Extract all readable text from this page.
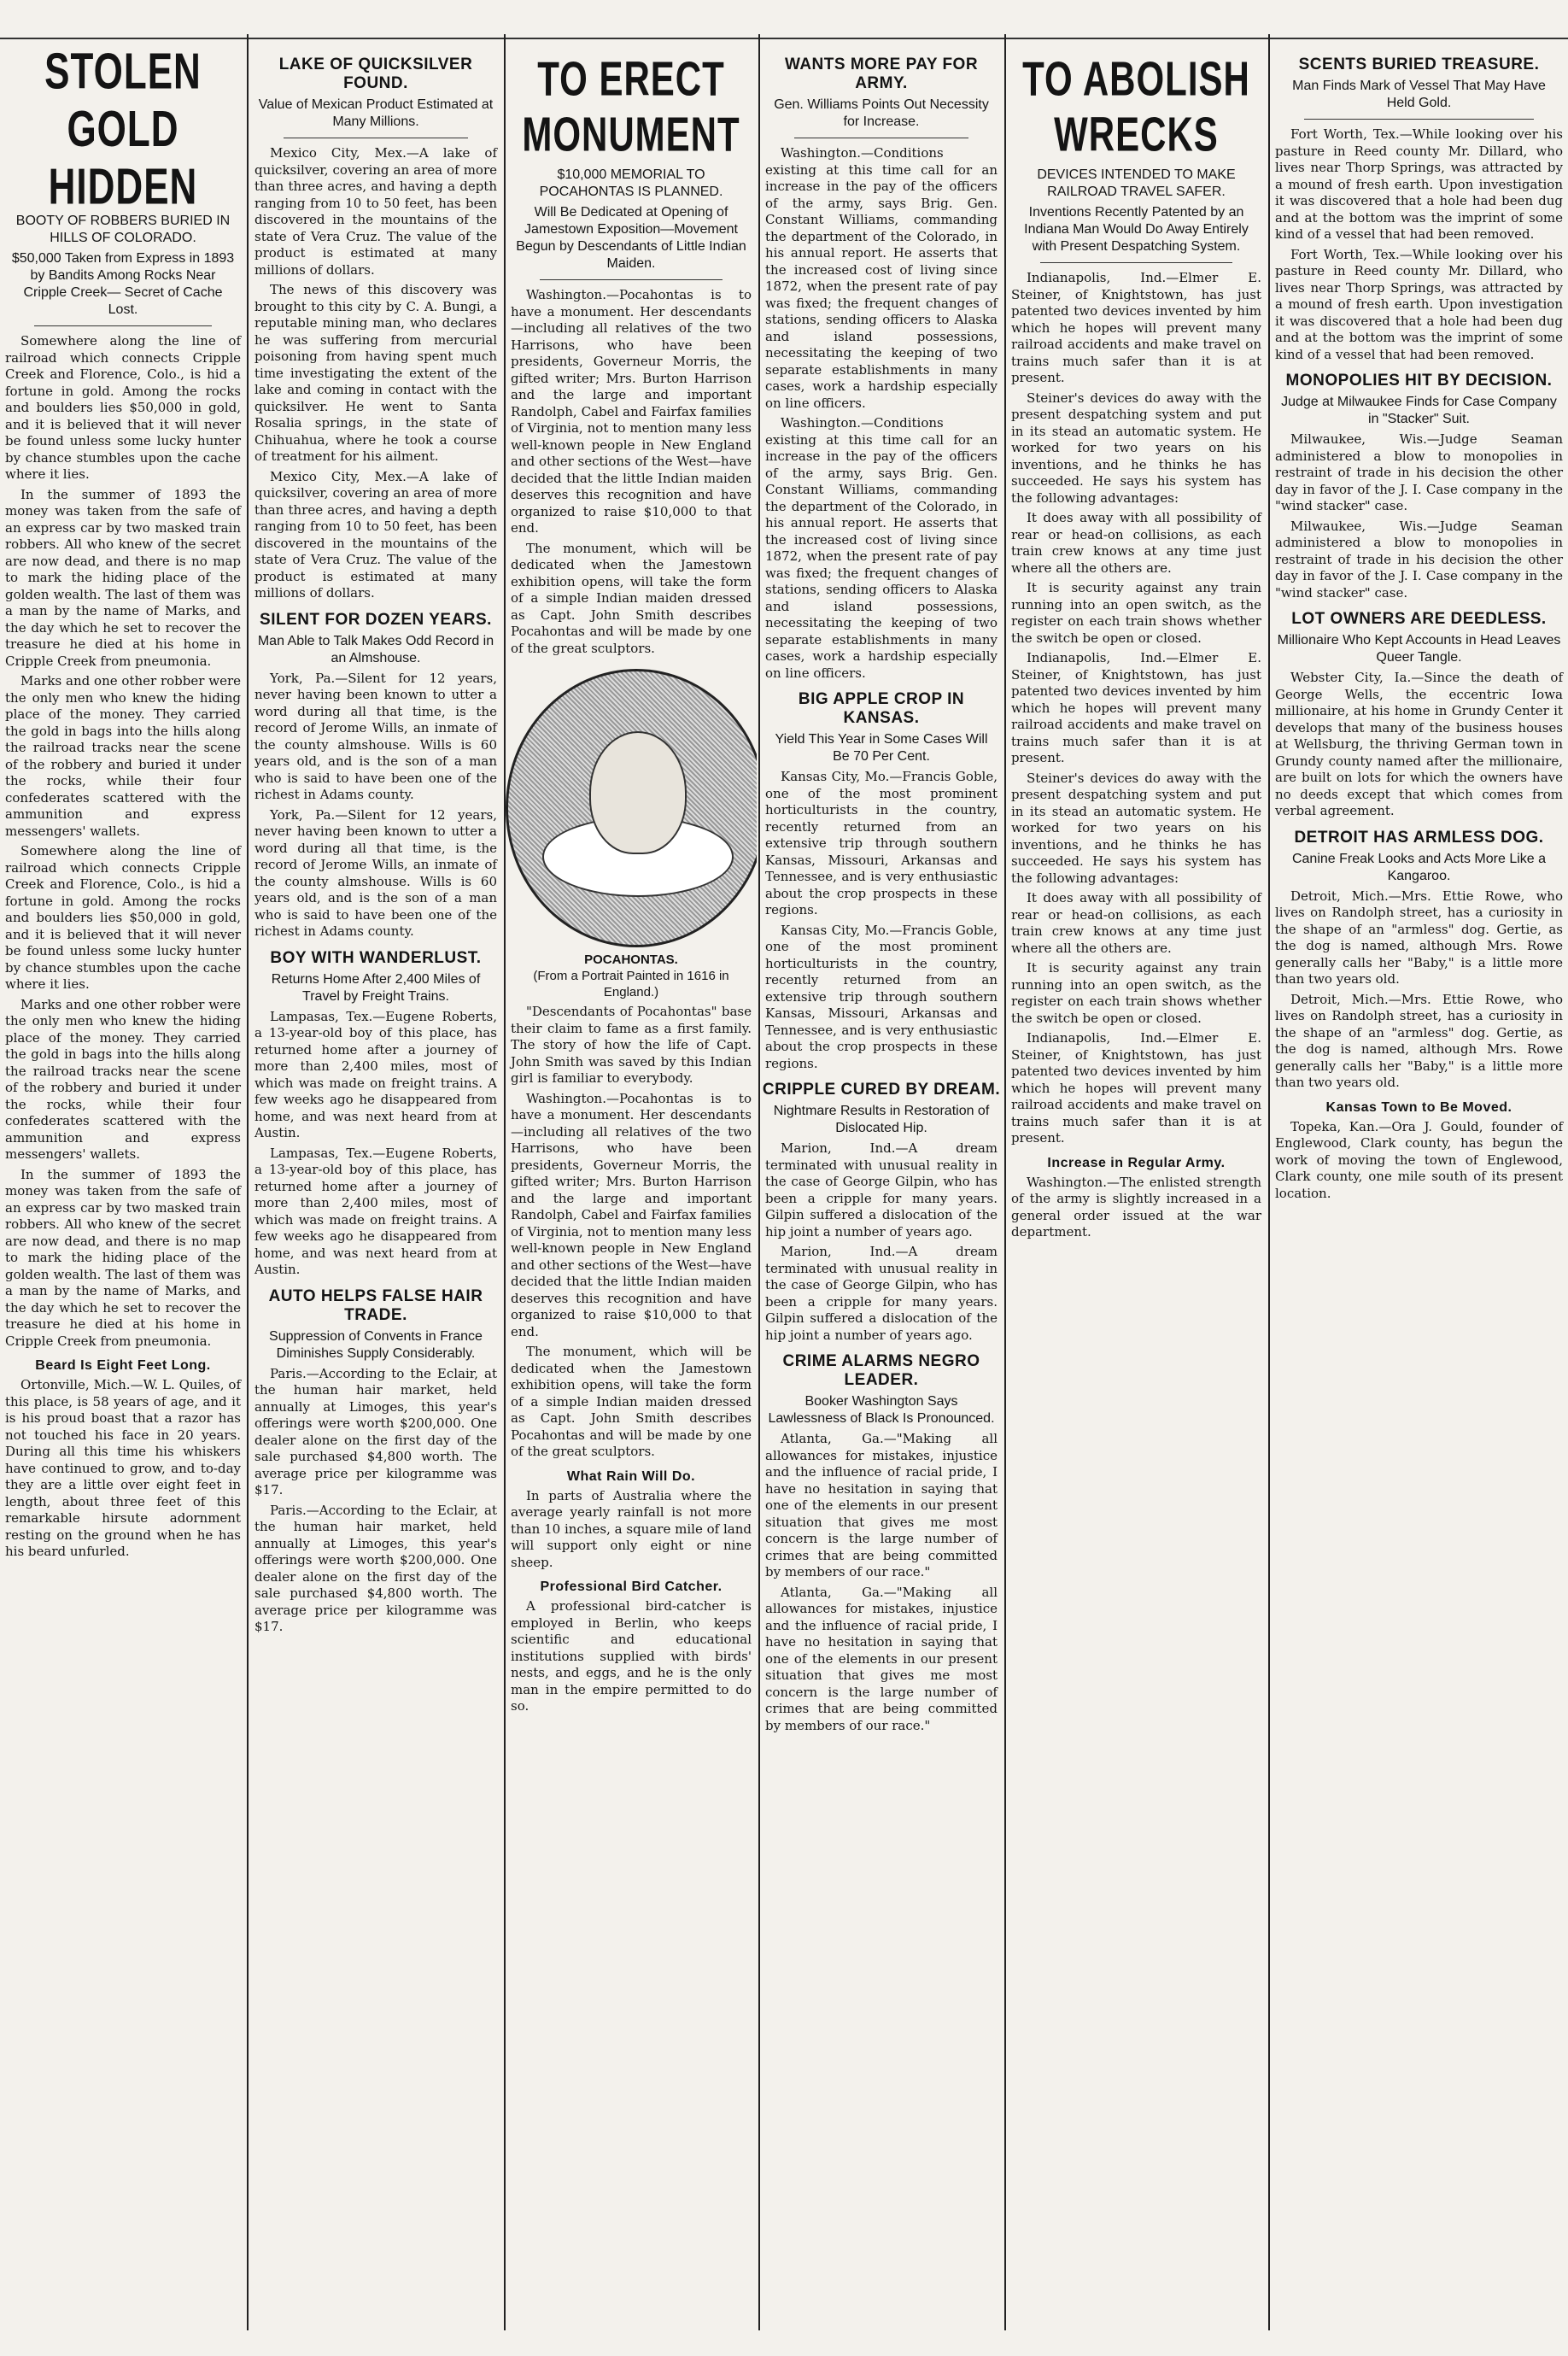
STOLEN GOLD HIDDEN
BOOTY OF ROBBERS BURIED IN HILLS OF COLORADO.
$50,000 Taken from Express in 1893 by Bandits Among Rocks Near Cripple Creek— Secret of Cache Lost.

Somewhere along the line of railroad which connects Cripple Creek and Florence, Colo., is hid a fortune in gold. Among the rocks and boulders lies $50,000 in gold, and it is believed that it will never be found unless some lucky hunter by chance stumbles upon the cache where it lies.

In the summer of 1893 the money was taken from the safe of an express car by two masked train robbers. All who knew of the secret are now dead, and there is no map to mark the hiding place of the golden wealth. The last of them was a man by the name of Marks, and the day which he set to recover the treasure he died at his home in Cripple Creek from pneumonia.

Marks and one other robber were the only men who knew the hiding place of the money. They carried the gold in bags into the hills along the railroad tracks near the scene of the robbery and buried it under the rocks, while their four confederates scattered with the ammunition and express messengers' wallets.

Somewhere along the line of railroad which connects Cripple Creek and Florence, Colo., is hid a fortune in gold. Among the rocks and boulders lies $50,000 in gold, and it is believed that it will never be found unless some lucky hunter by chance stumbles upon the cache where it lies.

Marks and one other robber were the only men who knew the hiding place of the money. They carried the gold in bags into the hills along the railroad tracks near the scene of the robbery and buried it under the rocks, while their four confederates scattered with the ammunition and express messengers' wallets.

In the summer of 1893 the money was taken from the safe of an express car by two masked train robbers. All who knew of the secret are now dead, and there is no map to mark the hiding place of the golden wealth. The last of them was a man by the name of Marks, and the day which he set to recover the treasure he died at his home in Cripple Creek from pneumonia.

Beard Is Eight Feet Long.

Ortonville, Mich.—W. L. Quiles, of this place, is 58 years of age, and it is his proud boast that a razor has not touched his face in 20 years. During all this time his whiskers have continued to grow, and to-day they are a little over eight feet in length, about three feet of this remarkable hirsute adornment resting on the ground when he has his beard unfurled.

LAKE OF QUICKSILVER FOUND.
Value of Mexican Product Estimated at Many Millions.

Mexico City, Mex.—A lake of quicksilver, covering an area of more than three acres, and having a depth ranging from 10 to 50 feet, has been discovered in the mountains of the state of Vera Cruz. The value of the product is estimated at many millions of dollars.

The news of this discovery was brought to this city by C. A. Bungi, a reputable mining man, who declares he was suffering from mercurial poisoning from having spent much time investigating the extent of the lake and coming in contact with the quicksilver. He went to Santa Rosalia springs, in the state of Chihuahua, where he took a course of treatment for his ailment.

Mexico City, Mex.—A lake of quicksilver, covering an area of more than three acres, and having a depth ranging from 10 to 50 feet, has been discovered in the mountains of the state of Vera Cruz. The value of the product is estimated at many millions of dollars.

SILENT FOR DOZEN YEARS.
Man Able to Talk Makes Odd Record in an Almshouse.

York, Pa.—Silent for 12 years, never having been known to utter a word during all that time, is the record of Jerome Wills, an inmate of the county almshouse. Wills is 60 years old, and is the son of a man who is said to have been one of the richest in Adams county.

York, Pa.—Silent for 12 years, never having been known to utter a word during all that time, is the record of Jerome Wills, an inmate of the county almshouse. Wills is 60 years old, and is the son of a man who is said to have been one of the richest in Adams county.

BOY WITH WANDERLUST.
Returns Home After 2,400 Miles of Travel by Freight Trains.

Lampasas, Tex.—Eugene Roberts, a 13-year-old boy of this place, has returned home after a journey of more than 2,400 miles, most of which was made on freight trains. A few weeks ago he disappeared from home, and was next heard from at Austin.

Lampasas, Tex.—Eugene Roberts, a 13-year-old boy of this place, has returned home after a journey of more than 2,400 miles, most of which was made on freight trains. A few weeks ago he disappeared from home, and was next heard from at Austin.

AUTO HELPS FALSE HAIR TRADE.
Suppression of Convents in France Diminishes Supply Considerably.

Paris.—According to the Eclair, at the human hair market, held annually at Limoges, this year's offerings were worth $200,000. One dealer alone on the first day of the sale purchased $4,800 worth. The average price per kilogramme was $17.

Paris.—According to the Eclair, at the human hair market, held annually at Limoges, this year's offerings were worth $200,000. One dealer alone on the first day of the sale purchased $4,800 worth. The average price per kilogramme was $17.

TO ERECT MONUMENT
$10,000 MEMORIAL TO POCAHONTAS IS PLANNED.
Will Be Dedicated at Opening of Jamestown Exposition—Movement Begun by Descendants of Little Indian Maiden.

Washington.—Pocahontas is to have a monument. Her descendants—including all relatives of the two Harrisons, who have been presidents, Governeur Morris, the gifted writer; Mrs. Burton Harrison and the large and important Randolph, Cabel and Fairfax families of Virginia, not to mention many less well-known people in New England and other sections of the West—have decided that the little Indian maiden deserves this recognition and have organized to raise $10,000 to that end.

The monument, which will be dedicated when the Jamestown exhibition opens, will take the form of a simple Indian maiden dressed as Capt. John Smith describes Pocahontas and will be made by one of the great sculptors.

POCAHONTAS.
(From a Portrait Painted in 1616 in England.)

"Descendants of Pocahontas" base their claim to fame as a first family. The story of how the life of Capt. John Smith was saved by this Indian girl is familiar to everybody.

Washington.—Pocahontas is to have a monument. Her descendants—including all relatives of the two Harrisons, who have been presidents, Governeur Morris, the gifted writer; Mrs. Burton Harrison and the large and important Randolph, Cabel and Fairfax families of Virginia, not to mention many less well-known people in New England and other sections of the West—have decided that the little Indian maiden deserves this recognition and have organized to raise $10,000 to that end.

The monument, which will be dedicated when the Jamestown exhibition opens, will take the form of a simple Indian maiden dressed as Capt. John Smith describes Pocahontas and will be made by one of the great sculptors.

What Rain Will Do.

In parts of Australia where the average yearly rainfall is not more than 10 inches, a square mile of land will support only eight or nine sheep.

Professional Bird Catcher.

A professional bird-catcher is employed in Berlin, who keeps scientific and educational institutions supplied with birds' nests, and eggs, and he is the only man in the empire permitted to do so.

WANTS MORE PAY FOR ARMY.
Gen. Williams Points Out Necessity for Increase.

Washington.—Conditions existing at this time call for an increase in the pay of the officers of the army, says Brig. Gen. Constant Williams, commanding the department of the Colorado, in his annual report. He asserts that the increased cost of living since 1872, when the present rate of pay was fixed; the frequent changes of stations, sending officers to Alaska and island possessions, necessitating the keeping of two separate establishments in many cases, work a hardship especially on line officers.

Washington.—Conditions existing at this time call for an increase in the pay of the officers of the army, says Brig. Gen. Constant Williams, commanding the department of the Colorado, in his annual report. He asserts that the increased cost of living since 1872, when the present rate of pay was fixed; the frequent changes of stations, sending officers to Alaska and island possessions, necessitating the keeping of two separate establishments in many cases, work a hardship especially on line officers.

BIG APPLE CROP IN KANSAS.
Yield This Year in Some Cases Will Be 70 Per Cent.

Kansas City, Mo.—Francis Goble, one of the most prominent horticulturists in the country, recently returned from an extensive trip through southern Kansas, Missouri, Arkansas and Tennessee, and is very enthusiastic about the crop prospects in these regions.

Kansas City, Mo.—Francis Goble, one of the most prominent horticulturists in the country, recently returned from an extensive trip through southern Kansas, Missouri, Arkansas and Tennessee, and is very enthusiastic about the crop prospects in these regions.

CRIPPLE CURED BY DREAM.
Nightmare Results in Restoration of Dislocated Hip.

Marion, Ind.—A dream terminated with unusual reality in the case of George Gilpin, who has been a cripple for many years. Gilpin suffered a dislocation of the hip joint a number of years ago.

Marion, Ind.—A dream terminated with unusual reality in the case of George Gilpin, who has been a cripple for many years. Gilpin suffered a dislocation of the hip joint a number of years ago.

CRIME ALARMS NEGRO LEADER.
Booker Washington Says Lawlessness of Black Is Pronounced.

Atlanta, Ga.—"Making all allowances for mistakes, injustice and the influence of racial pride, I have no hesitation in saying that one of the elements in our present situation that gives me most concern is the large number of crimes that are being committed by members of our race."

Atlanta, Ga.—"Making all allowances for mistakes, injustice and the influence of racial pride, I have no hesitation in saying that one of the elements in our present situation that gives me most concern is the large number of crimes that are being committed by members of our race."

TO ABOLISH WRECKS
DEVICES INTENDED TO MAKE RAILROAD TRAVEL SAFER.
Inventions Recently Patented by an Indiana Man Would Do Away Entirely with Present Despatching System.

Indianapolis, Ind.—Elmer E. Steiner, of Knightstown, has just patented two devices invented by him which he hopes will prevent many railroad accidents and make travel on trains much safer than it is at present.

Steiner's devices do away with the present despatching system and put in its stead an automatic system. He worked for two years on his inventions, and he thinks he has succeeded. He says his system has the following advantages:

It does away with all possibility of rear or head-on collisions, as each train crew knows at any time just where all the others are.

It is security against any train running into an open switch, as the register on each train shows whether the switch be open or closed.

Indianapolis, Ind.—Elmer E. Steiner, of Knightstown, has just patented two devices invented by him which he hopes will prevent many railroad accidents and make travel on trains much safer than it is at present.

Steiner's devices do away with the present despatching system and put in its stead an automatic system. He worked for two years on his inventions, and he thinks he has succeeded. He says his system has the following advantages:

It does away with all possibility of rear or head-on collisions, as each train crew knows at any time just where all the others are.

It is security against any train running into an open switch, as the register on each train shows whether the switch be open or closed.

Indianapolis, Ind.—Elmer E. Steiner, of Knightstown, has just patented two devices invented by him which he hopes will prevent many railroad accidents and make travel on trains much safer than it is at present.

Increase in Regular Army.

Washington.—The enlisted strength of the army is slightly increased in a general order issued at the war department.

SCENTS BURIED TREASURE.
Man Finds Mark of Vessel That May Have Held Gold.

Fort Worth, Tex.—While looking over his pasture in Reed county Mr. Dillard, who lives near Thorp Springs, was attracted by a mound of fresh earth. Upon investigation it was discovered that a hole had been dug and at the bottom was the imprint of some kind of a vessel that had been removed.

Fort Worth, Tex.—While looking over his pasture in Reed county Mr. Dillard, who lives near Thorp Springs, was attracted by a mound of fresh earth. Upon investigation it was discovered that a hole had been dug and at the bottom was the imprint of some kind of a vessel that had been removed.

MONOPOLIES HIT BY DECISION.
Judge at Milwaukee Finds for Case Company in "Stacker" Suit.

Milwaukee, Wis.—Judge Seaman administered a blow to monopolies in restraint of trade in his decision the other day in favor of the J. I. Case company in the "wind stacker" case.

Milwaukee, Wis.—Judge Seaman administered a blow to monopolies in restraint of trade in his decision the other day in favor of the J. I. Case company in the "wind stacker" case.

LOT OWNERS ARE DEEDLESS.
Millionaire Who Kept Accounts in Head Leaves Queer Tangle.

Webster City, Ia.—Since the death of George Wells, the eccentric Iowa millionaire, at his home in Grundy Center it develops that many of the business houses at Wellsburg, the thriving German town in Grundy county named after the millionaire, are built on lots for which the owners have no deeds except that which comes from verbal agreement.

DETROIT HAS ARMLESS DOG.
Canine Freak Looks and Acts More Like a Kangaroo.

Detroit, Mich.—Mrs. Ettie Rowe, who lives on Randolph street, has a curiosity in the shape of an "armless" dog. Gertie, as the dog is named, although Mrs. Rowe generally calls her "Baby," is a little more than two years old.

Detroit, Mich.—Mrs. Ettie Rowe, who lives on Randolph street, has a curiosity in the shape of an "armless" dog. Gertie, as the dog is named, although Mrs. Rowe generally calls her "Baby," is a little more than two years old.

Kansas Town to Be Moved.

Topeka, Kan.—Ora J. Gould, founder of Englewood, Clark county, has begun the work of moving the town of Englewood, Clark county, one mile south of its present location.
